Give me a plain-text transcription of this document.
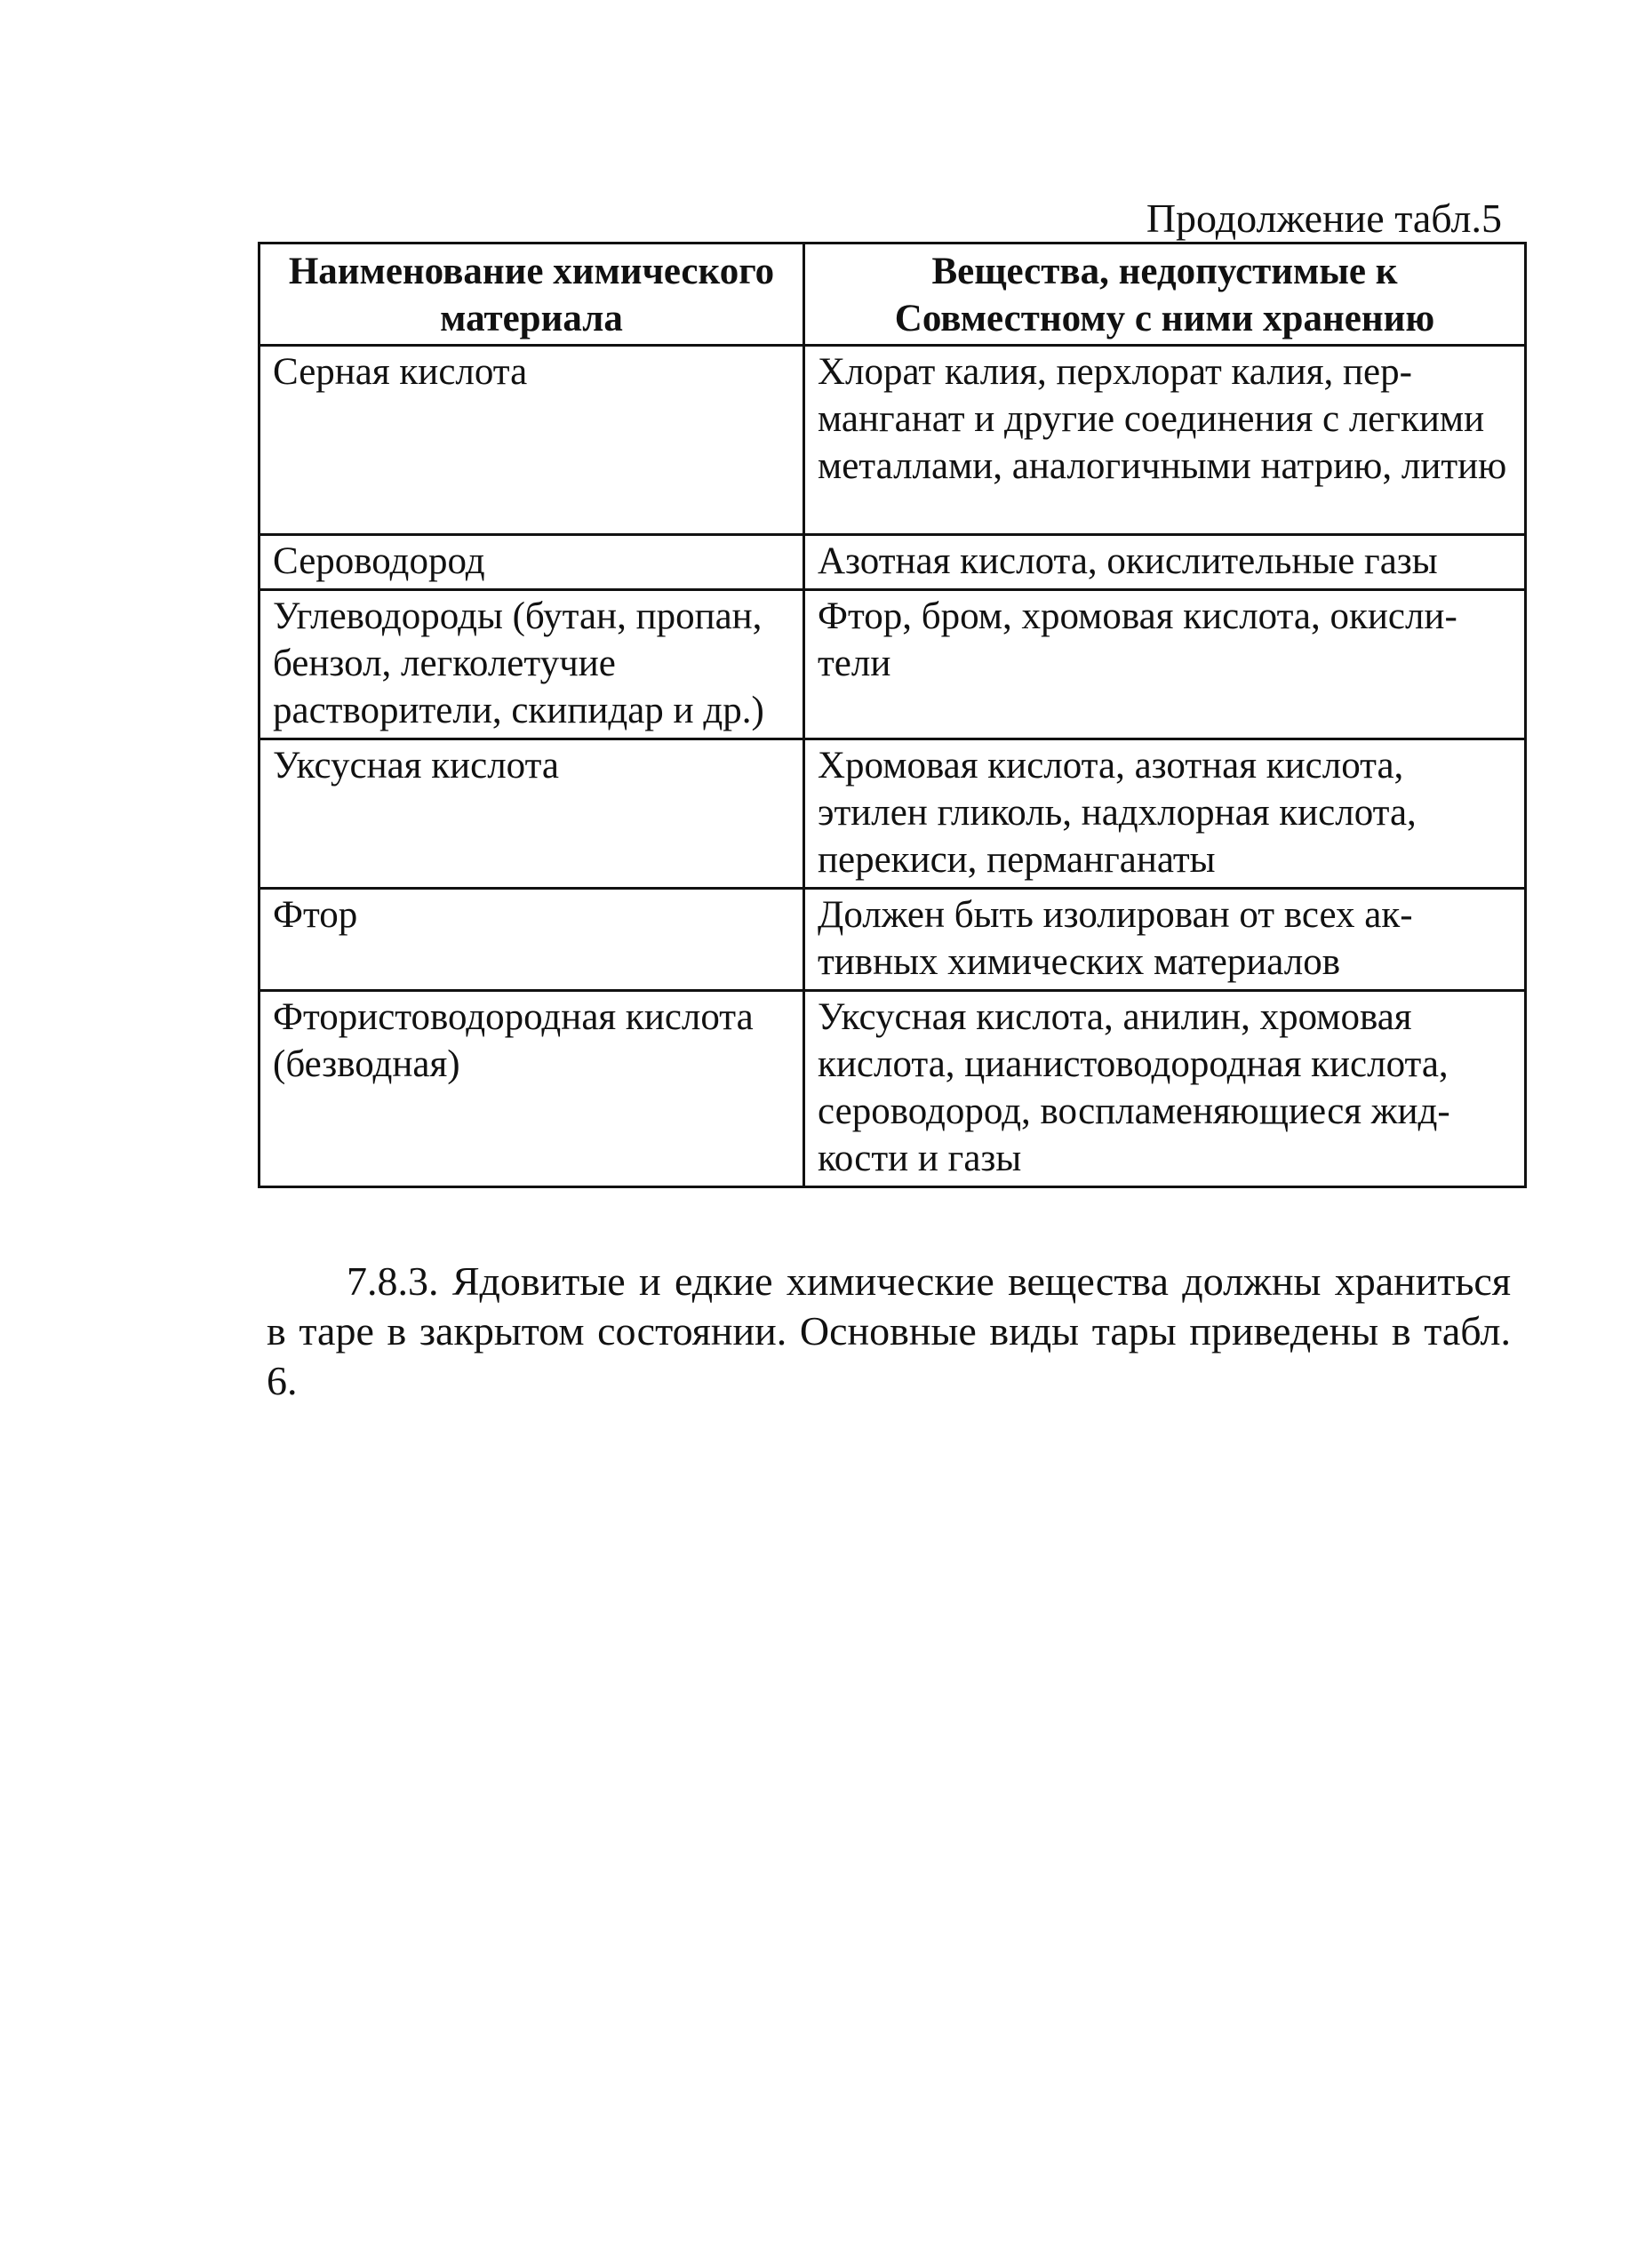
Продолжение табл.5
Наименование химического материала	Вещества, недопустимые к Совместному с ними хранению
Серная кислота	Хлорат калия, перхлорат калия, перманганат и другие соединения с легкими металлами, аналогичными натрию, литию
Сероводород	Азотная кислота, окислительные газы
Углеводороды (бутан, пропан, бензол, легколетучие растворители, скипидар и др.)	Фтор, бром, хромовая кислота, окислители
Уксусная кислота	Хромовая кислота, азотная кислота, этилен гликоль, надхлорная кислота, перекиси, перманганаты
Фтор	Должен быть изолирован от всех активных химических материалов
Фтористоводородная кислота (безводная)	Уксусная кислота, анилин, хромовая кислота, цианистоводородная кислота, сероводород, воспламеняющиеся жидкости и газы

7.8.3. Ядовитые и едкие химические вещества должны храниться в таре в закрытом состоянии. Основные виды тары приведены в табл. 6.
